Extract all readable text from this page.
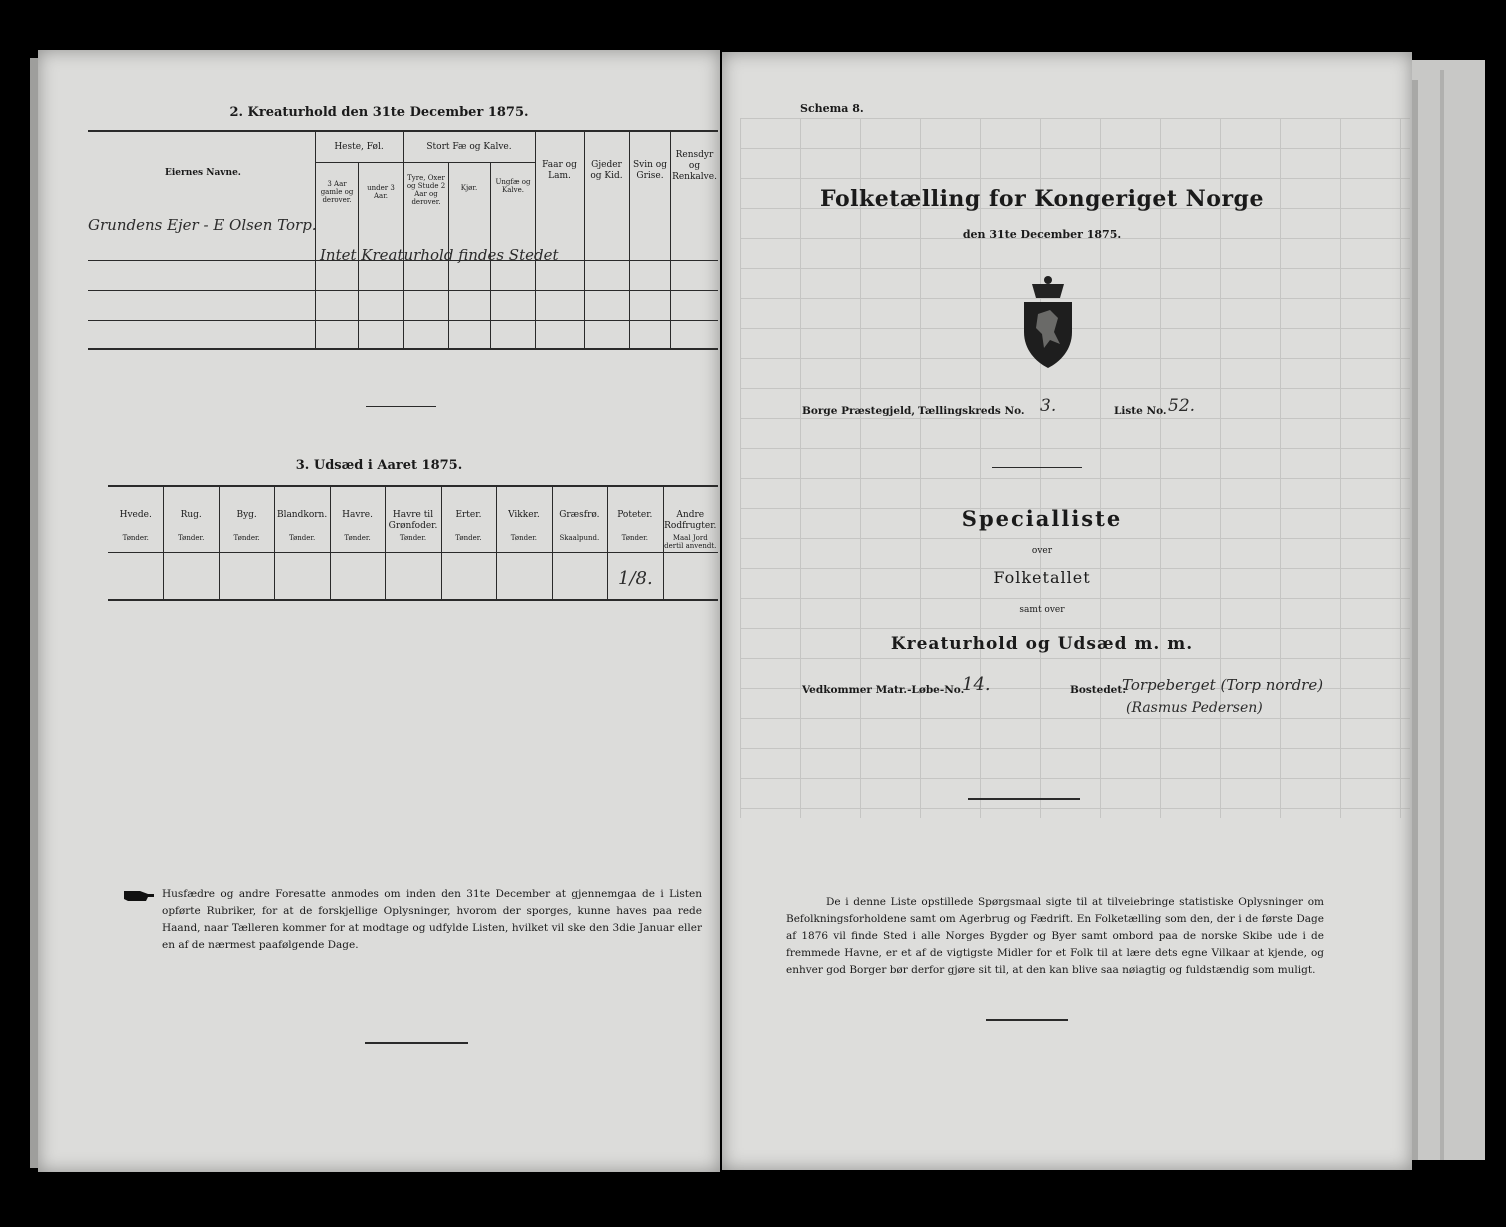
2. Kreaturhold den 31te December 1875.
Eiernes Navne.
Heste, Føl.
3 Aar gamle og derover.
under 3 Aar.
Stort Fæ og Kalve.
Tyre, Oxer og Stude 2 Aar og derover.
Kjør.
Ungfæ og Kalve.
Faar og Lam.
Gjeder og Kid.
Svin og Grise.
Rensdyr og Renkalve.
Grundens Ejer - E Olsen Torp.
Intet Kreaturhold findes Stedet
3. Udsæd i Aaret 1875.
Hvede.
Tønder.
Rug.
Tønder.
Byg.
Tønder.
Blandkorn.
Tønder.
Havre.
Tønder.
Havre til Grønfoder.
Tønder.
Erter.
Tønder.
Vikker.
Tønder.
Græsfrø.
Skaalpund.
Poteter.
Tønder.
Andre Rodfrugter.
Maal Jord dertil anvendt.
1/8.
Husfædre og andre Foresatte anmodes om inden den 31te December at gjennemgaa de i Listen opførte Rubriker, for at de forskjellige Oplysninger, hvorom der sporges, kunne haves paa rede Haand, naar Tælleren kommer for at modtage og udfylde Listen, hvilket vil ske den 3die Januar eller en af de nærmest paafølgende Dage.
Schema 8.
Folketælling for Kongeriget Norge
den 31te December 1875.
Borge Præstegjeld, Tællingskreds No. 3.	Liste No. 52.
Specialliste
over
Folketallet
samt over
Kreaturhold og Udsæd m. m.
Vedkommer Matr.-Løbe-No.
14.	Bostedet:
Torpeberget (Torp nordre)
(Rasmus Pedersen)
De i denne Liste opstillede Spørgsmaal sigte til at tilveiebringe statistiske Oplysninger om Befolkningsforholdene samt om Agerbrug og Fædrift. En Folketælling som den, der i de første Dage af 1876 vil finde Sted i alle Norges Bygder og Byer samt ombord paa de norske Skibe ude i de fremmede Havne, er et af de vigtigste Midler for et Folk til at lære dets egne Vilkaar at kjende, og enhver god Borger bør derfor gjøre sit til, at den kan blive saa nøiagtig og fuldstændig som muligt.
